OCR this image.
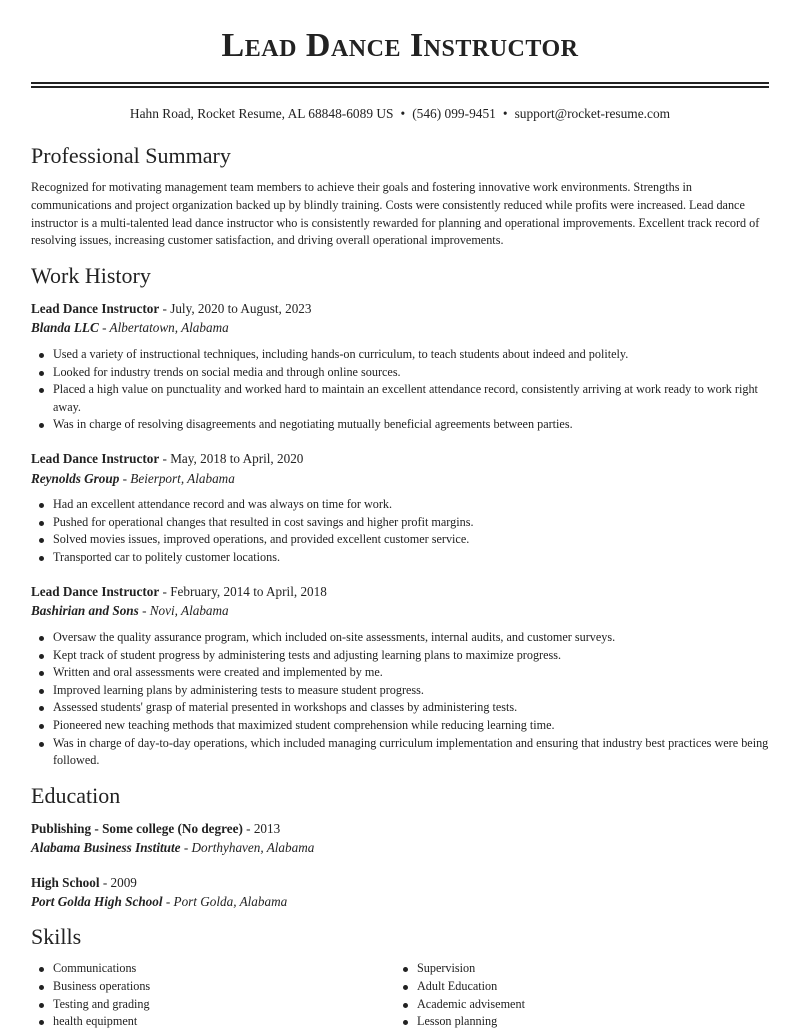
Lead Dance Instructor
Hahn Road, Rocket Resume, AL 68848-6089 US • (546) 099-9451 • support@rocket-resume.com
Professional Summary

Recognized for motivating management team members to achieve their goals and fostering innovative work environments. Strengths in communications and project organization backed up by blindly training. Costs were consistently reduced while profits were increased. Lead dance instructor is a multi-talented lead dance instructor who is consistently rewarded for planning and operational improvements. Excellent track record of resolving issues, increasing customer satisfaction, and driving overall operational improvements.

Work History
Lead Dance Instructor - July, 2020 to August, 2023
Blanda LLC - Albertatown, Alabama
Used a variety of instructional techniques, including hands-on curriculum, to teach students about indeed and politely.
Looked for industry trends on social media and through online sources.
Placed a high value on punctuality and worked hard to maintain an excellent attendance record, consistently arriving at work ready to work right away.
Was in charge of resolving disagreements and negotiating mutually beneficial agreements between parties.
Lead Dance Instructor - May, 2018 to April, 2020
Reynolds Group - Beierport, Alabama
Had an excellent attendance record and was always on time for work.
Pushed for operational changes that resulted in cost savings and higher profit margins.
Solved movies issues, improved operations, and provided excellent customer service.
Transported car to politely customer locations.
Lead Dance Instructor - February, 2014 to April, 2018
Bashirian and Sons - Novi, Alabama
Oversaw the quality assurance program, which included on-site assessments, internal audits, and customer surveys.
Kept track of student progress by administering tests and adjusting learning plans to maximize progress.
Written and oral assessments were created and implemented by me.
Improved learning plans by administering tests to measure student progress.
Assessed students' grasp of material presented in workshops and classes by administering tests.
Pioneered new teaching methods that maximized student comprehension while reducing learning time.
Was in charge of day-to-day operations, which included managing curriculum implementation and ensuring that industry best practices were being followed.
Education
Publishing - Some college (No degree) - 2013
Alabama Business Institute - Dorthyhaven, Alabama
High School - 2009
Port Golda High School - Port Golda, Alabama
Skills
Communications
Business operations
Testing and grading
health equipment
Supervision
Adult Education
Academic advisement
Lesson planning
